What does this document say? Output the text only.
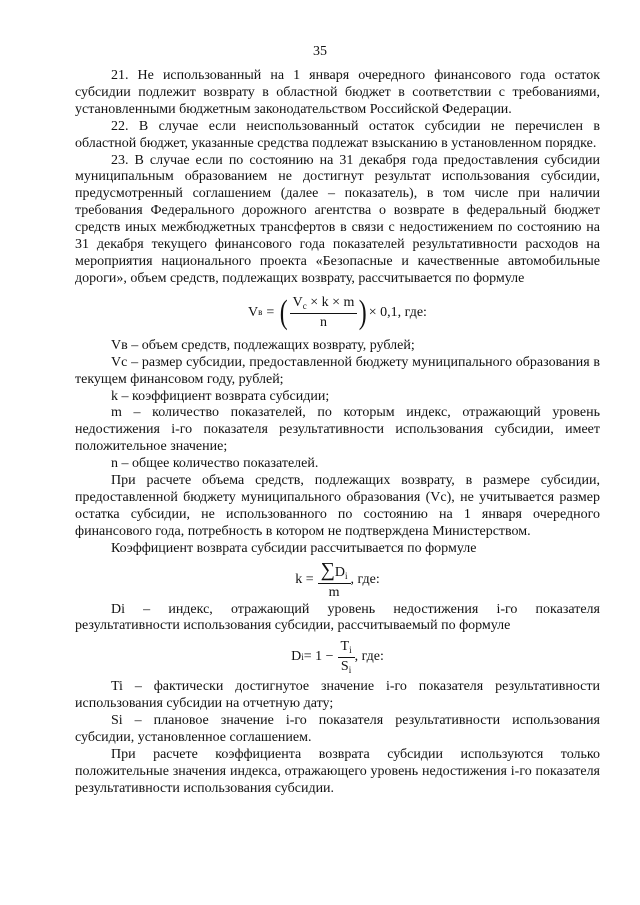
35

21. Не использованный на 1 января очередного финансового года остаток субсидии подлежит возврату в областной бюджет в соответствии с требованиями, установленными бюджетным законодательством Российской Федерации.

22. В случае если неиспользованный остаток субсидии не перечислен в областной бюджет, указанные средства подлежат взысканию в установленном порядке.

23. В случае если по состоянию на 31 декабря года предоставления субсидии муниципальным образованием не достигнут результат использования субсидии, предусмотренный соглашением (далее – показатель), в том числе при наличии требования Федерального дорожного агентства о возврате в федеральный бюджет средств иных межбюджетных трансфертов в связи с недостижением по состоянию на 31 декабря текущего финансового года показателей результативности расходов на мероприятия национального проекта «Безопасные и качественные автомобильные дороги», объем средств, подлежащих возврату, рассчитывается по формуле

V в = ( $\frac{V_с \times k \times m}{n}$ ) × 0,1, где:

Vв – объем средств, подлежащих возврату, рублей;

Vс – размер субсидии, предоставленной бюджету муниципального образования в текущем финансовом году, рублей;

k – коэффициент возврата субсидии;

m – количество показателей, по которым индекс, отражающий уровень недостижения i-го показателя результативности использования субсидии, имеет положительное значение;

n – общее количество показателей.

При расчете объема средств, подлежащих возврату, в размере субсидии, предоставленной бюджету муниципального образования (Vс), не учитывается размер остатка субсидии, не использованного по состоянию на 1 января очередного финансового года, потребность в котором не подтверждена Министерством.

Коэффициент возврата субсидии рассчитывается по формуле

$k = \frac{\sum D_i}{m}$ , где:

Di – индекс, отражающий уровень недостижения i-го показателя результативности использования субсидии, рассчитываемый по формуле

D $i = 1 - \frac{T_i}{S_i}$ , где:

Ti – фактически достигнутое значение i-го показателя результативности использования субсидии на отчетную дату;

Si – плановое значение i-го показателя результативности использования субсидии, установленное соглашением.

При расчете коэффициента возврата субсидии используются только положительные значения индекса, отражающего уровень недостижения i-го показателя результативности использования субсидии.
